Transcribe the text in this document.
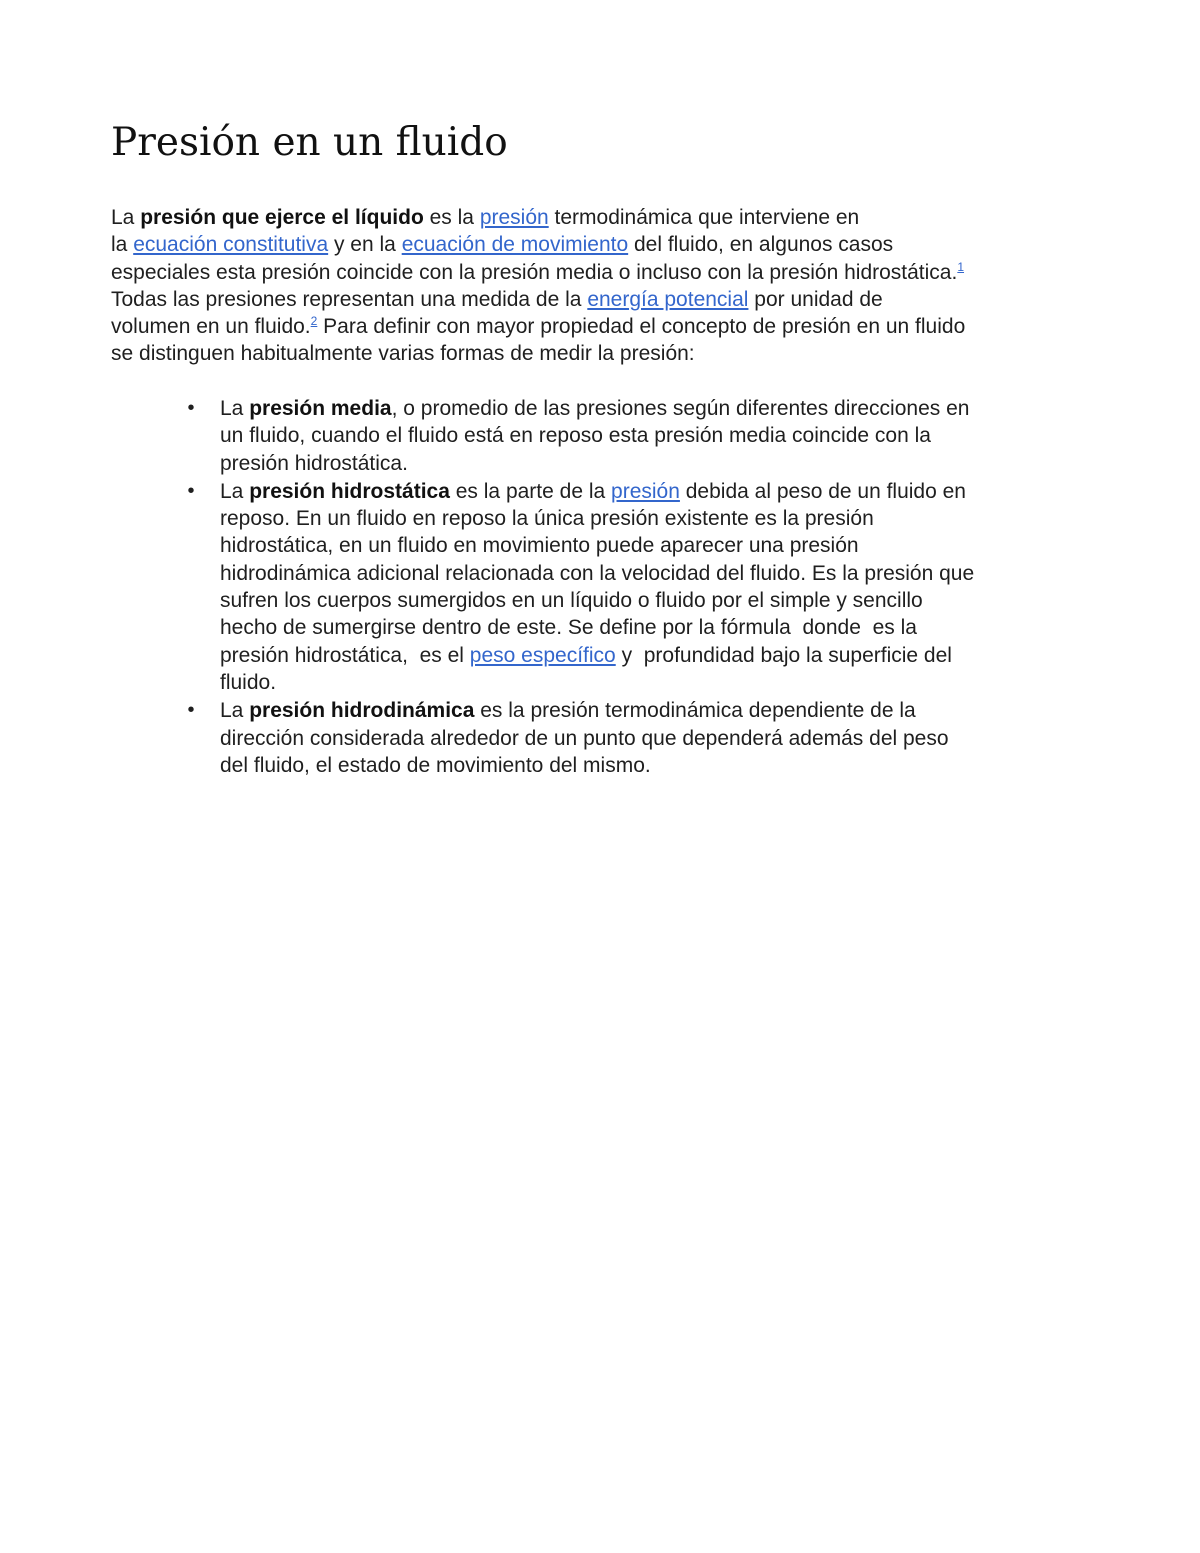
Presión en un fluido

La presión que ejerce el líquido es la presión termodinámica que interviene en
la ecuación constitutiva y en la ecuación de movimiento del fluido, en algunos casos
especiales esta presión coincide con la presión media o incluso con la presión hidrostática.$^1$
Todas las presiones representan una medida de la energía potencial por unidad de
volumen en un fluido.$^2$ Para definir con mayor propiedad el concepto de presión en un fluido
se distinguen habitualmente varias formas de medir la presión:

• La presión media, o promedio de las presiones según diferentes direcciones en
un fluido, cuando el fluido está en reposo esta presión media coincide con la
presión hidrostática.
• La presión hidrostática es la parte de la presión debida al peso de un fluido en
reposo. En un fluido en reposo la única presión existente es la presión
hidrostática, en un fluido en movimiento puede aparecer una presión
hidrodinámica adicional relacionada con la velocidad del fluido. Es la presión que
sufren los cuerpos sumergidos en un líquido o fluido por el simple y sencillo
hecho de sumergirse dentro de este. Se define por la fórmula  donde  es la
presión hidrostática,  es el peso específico y  profundidad bajo la superficie del
fluido.
• La presión hidrodinámica es la presión termodinámica dependiente de la
dirección considerada alrededor de un punto que dependerá además del peso
del fluido, el estado de movimiento del mismo.
